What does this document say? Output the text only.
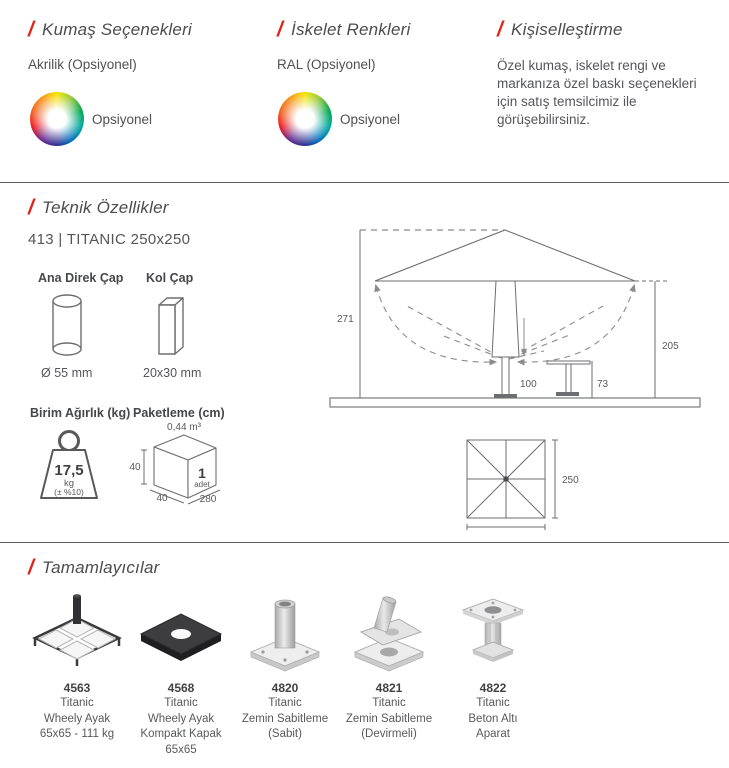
/ Kumaş Seçenekleri
Akrilik (Opsiyonel)
Opsiyonel
/ İskelet Renkleri
RAL (Opsiyonel)
Opsiyonel
/ Kişiselleştirme
Özel kumaş, iskelet rengi ve markanıza özel baskı seçenekleri için satış temsilcimiz ile görüşebilirsiniz.
/ Teknik Özellikler
413 | TITANIC 250x250
Ana Direk Çap Kol Çap
Ø 55 mm	20x30 mm
Birim Ağırlık (kg) Paketleme (cm)
17,5
kg
(± %10)
0,44 m³
40
40	280
1
adet
271
205
100	73
250
/ Tamamlayıcılar
4563
Titanic
Wheely Ayak
65x65 - 111 kg
4568
Titanic
Wheely Ayak
Kompakt Kapak
65x65
4820
Titanic
Zemin Sabitleme
(Sabit)
4821
Titanic
Zemin Sabitleme
(Devirmeli)
4822
Titanic
Beton Altı
Aparat
